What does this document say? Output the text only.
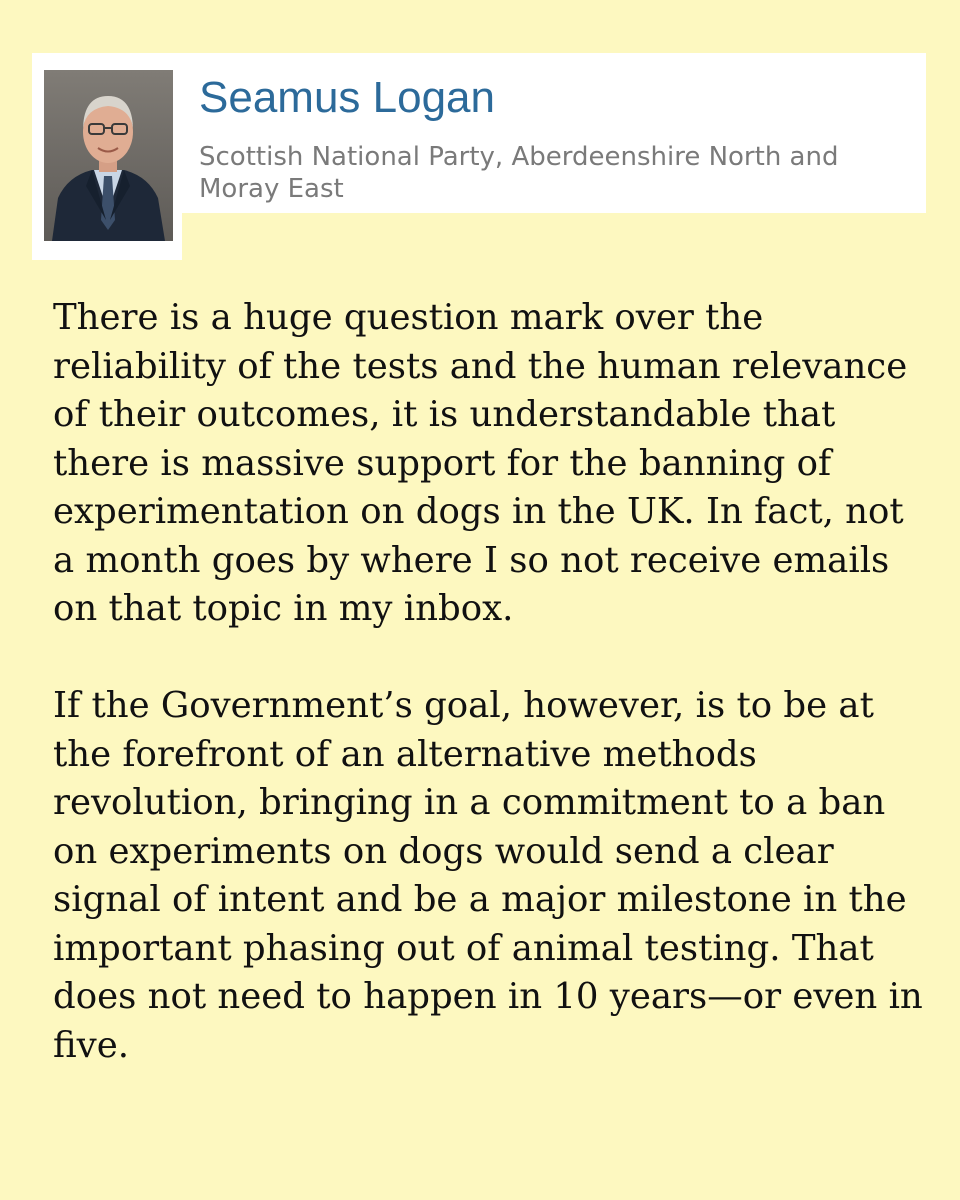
Seamus Logan

Scottish National Party, Aberdeenshire North and Moray East

There is a huge question mark over the reliability of the tests and the human relevance of their outcomes, it is understandable that there is massive support for the banning of experimentation on dogs in the UK. In fact, not a month goes by where I so not receive emails on that topic in my inbox.

If the Government’s goal, however, is to be at the forefront of an alternative methods revolution, bringing in a commitment to a ban on experiments on dogs would send a clear signal of intent and be a major milestone in the important phasing out of animal testing. That does not need to happen in 10 years—or even in five.
